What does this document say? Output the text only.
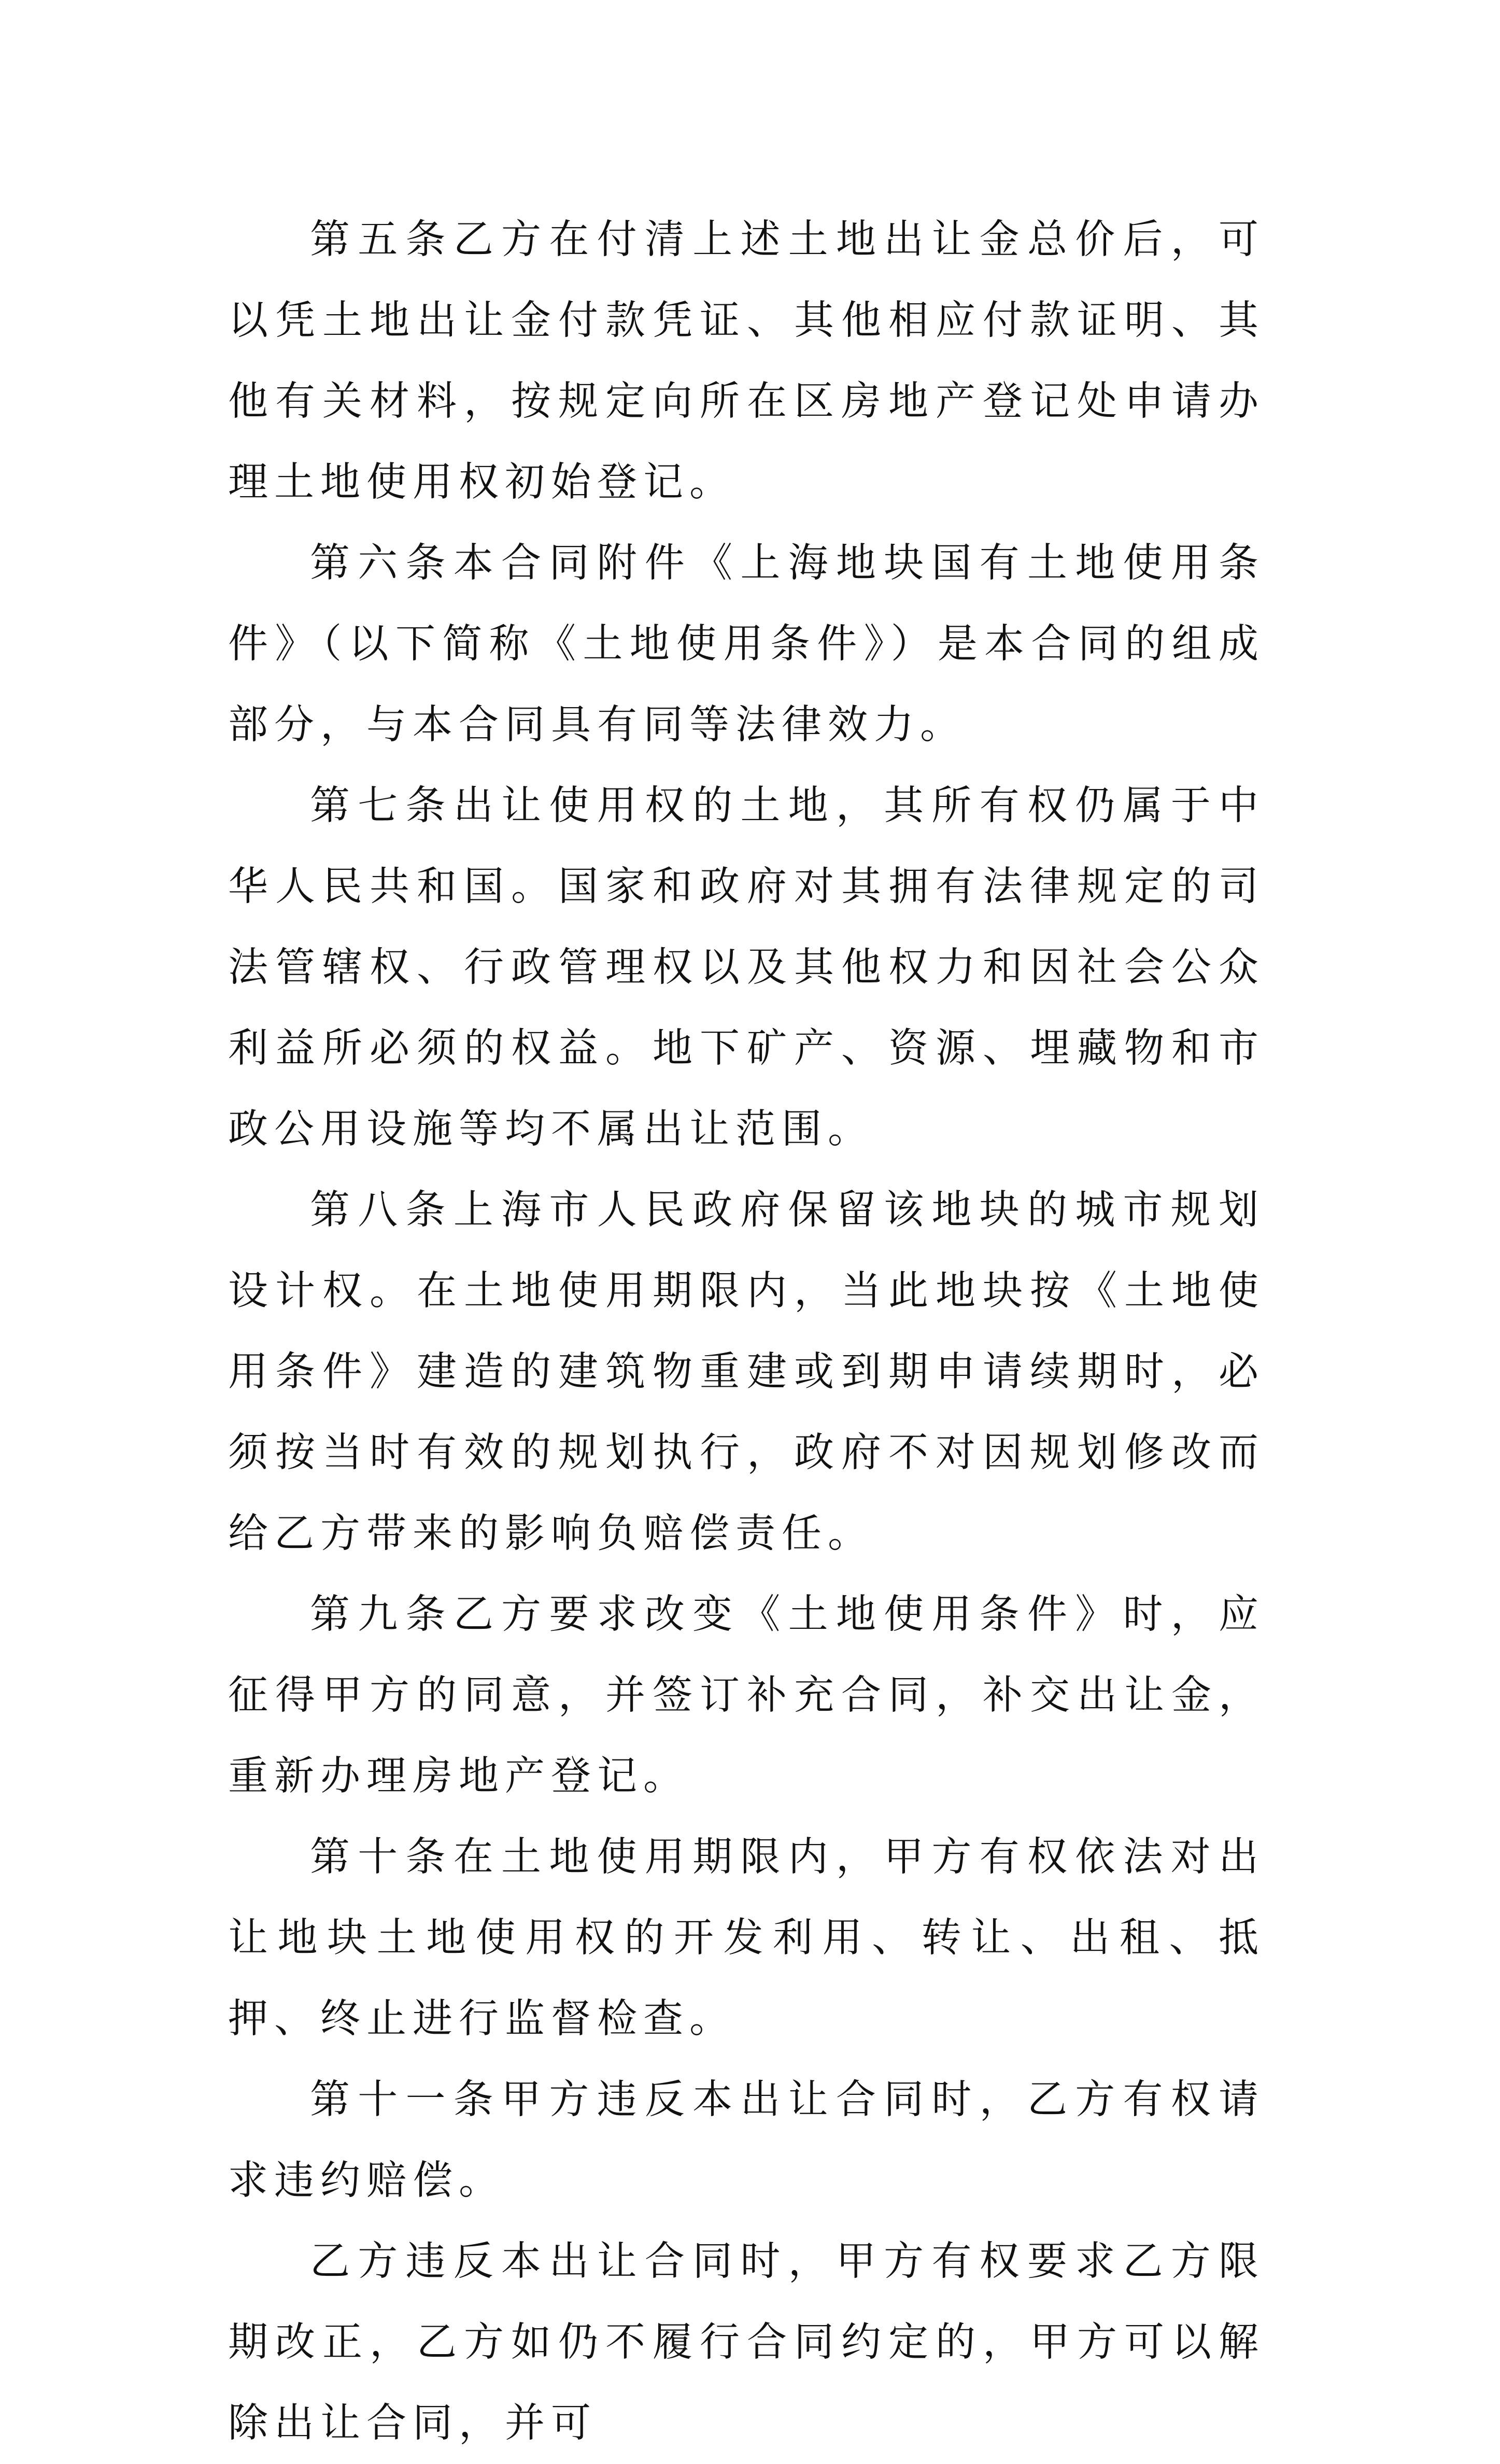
第五条乙方在付清上述土地出让金总价后，可以凭土地出让金付款凭证、其他相应付款证明、其他有关材料，按规定向所在区房地产登记处申请办理土地使用权初始登记。

第六条本合同附件《上海地块国有土地使用条件》（以下简称《土地使用条件》）是本合同的组成部分，与本合同具有同等法律效力。

第七条出让使用权的土地，其所有权仍属于中华人民共和国。国家和政府对其拥有法律规定的司法管辖权、行政管理权以及其他权力和因社会公众利益所必须的权益。地下矿产、资源、埋藏物和市政公用设施等均不属出让范围。

第八条上海市人民政府保留该地块的城市规划设计权。在土地使用期限内，当此地块按《土地使用条件》建造的建筑物重建或到期申请续期时，必须按当时有效的规划执行，政府不对因规划修改而给乙方带来的影响负赔偿责任。

第九条乙方要求改变《土地使用条件》时，应征得甲方的同意，并签订补充合同，补交出让金，重新办理房地产登记。

第十条在土地使用期限内，甲方有权依法对出让地块土地使用权的开发利用、转让、出租、抵押、终止进行监督检查。

第十一条甲方违反本出让合同时，乙方有权请求违约赔偿。

乙方违反本出让合同时，甲方有权要求乙方限期改正，乙方如仍不履行合同约定的，甲方可以解除出让合同，并可
